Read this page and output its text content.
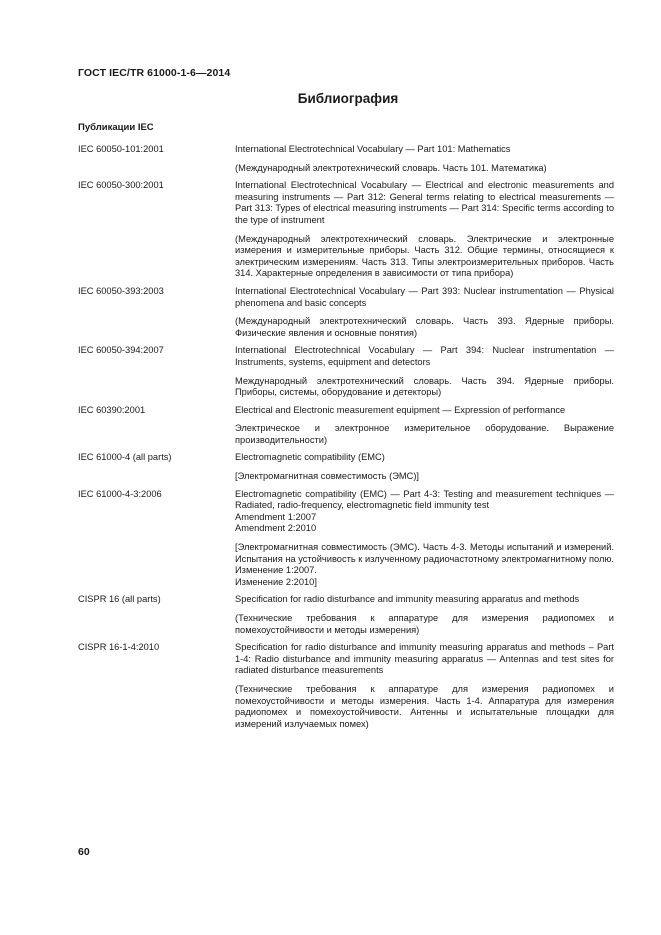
ГОСТ IEC/TR 61000-1-6—2014
Библиография
Публикации IEC
IEC 60050-101:2001	International Electrotechnical Vocabulary — Part 101: Mathematics

(Международный электротехнический словарь. Часть 101. Математика)

IEC 60050-300:2001	International Electrotechnical Vocabulary — Electrical and electronic measurements and measuring instruments — Part 312: General terms relating to electrical measurements — Part 313: Types of electrical measuring instruments — Part 314: Specific terms according to the type of instrument

(Международный электротехнический словарь. Электрические и электронные измерения и измерительные приборы. Часть 312. Общие термины, относящиеся к электрическим измерениям. Часть 313. Типы электроизмерительных приборов. Часть 314. Характерные определения в зависимости от типа прибора)

IEC 60050-393:2003	International Electrotechnical Vocabulary — Part 393: Nuclear instrumentation — Physical phenomena and basic concepts

(Международный электротехнический словарь. Часть 393. Ядерные приборы. Физические явления и основные понятия)

IEC 60050-394:2007	International Electrotechnical Vocabulary — Part 394: Nuclear instrumentation — Instruments, systems, equipment and detectors

Международный электротехнический словарь. Часть 394. Ядерные приборы. Приборы, системы, оборудование и детекторы)

IEC 60390:2001	Electrical and Electronic measurement equipment — Expression of performance

Электрическое и электронное измерительное оборудование. Выражение производительности)

IEC 61000-4 (all parts)	Electromagnetic compatibility (EMC)

[Электромагнитная совместимость (ЭМС)]

IEC 61000-4-3:2006	Electromagnetic compatibility (EMC) — Part 4-3: Testing and measurement techniques — Radiated, radio-frequency, electromagnetic field immunity test
Amendment 1:2007
Amendment 2:2010

[Электромагнитная совместимость (ЭМС). Часть 4-3. Методы испытаний и измерений. Испытания на устойчивость к излученному радиочастотному электромагнитному полю.
Изменение 1:2007.
Изменение 2:2010]

CISPR 16 (all parts)	Specification for radio disturbance and immunity measuring apparatus and methods

(Технические требования к аппаратуре для измерения радиопомех и помехоустойчивости и методы измерения)

CISPR 16-1-4:2010	Specification for radio disturbance and immunity measuring apparatus and methods – Part 1-4: Radio disturbance and immunity measuring apparatus — Antennas and test sites for radiated disturbance measurements

(Технические требования к аппаратуре для измерения радиопомех и помехоустойчивости и методы измерения. Часть 1-4. Аппаратура для измерения радиопомех и помехоустойчивости. Антенны и испытательные площадки для измерений излучаемых помех)

60
